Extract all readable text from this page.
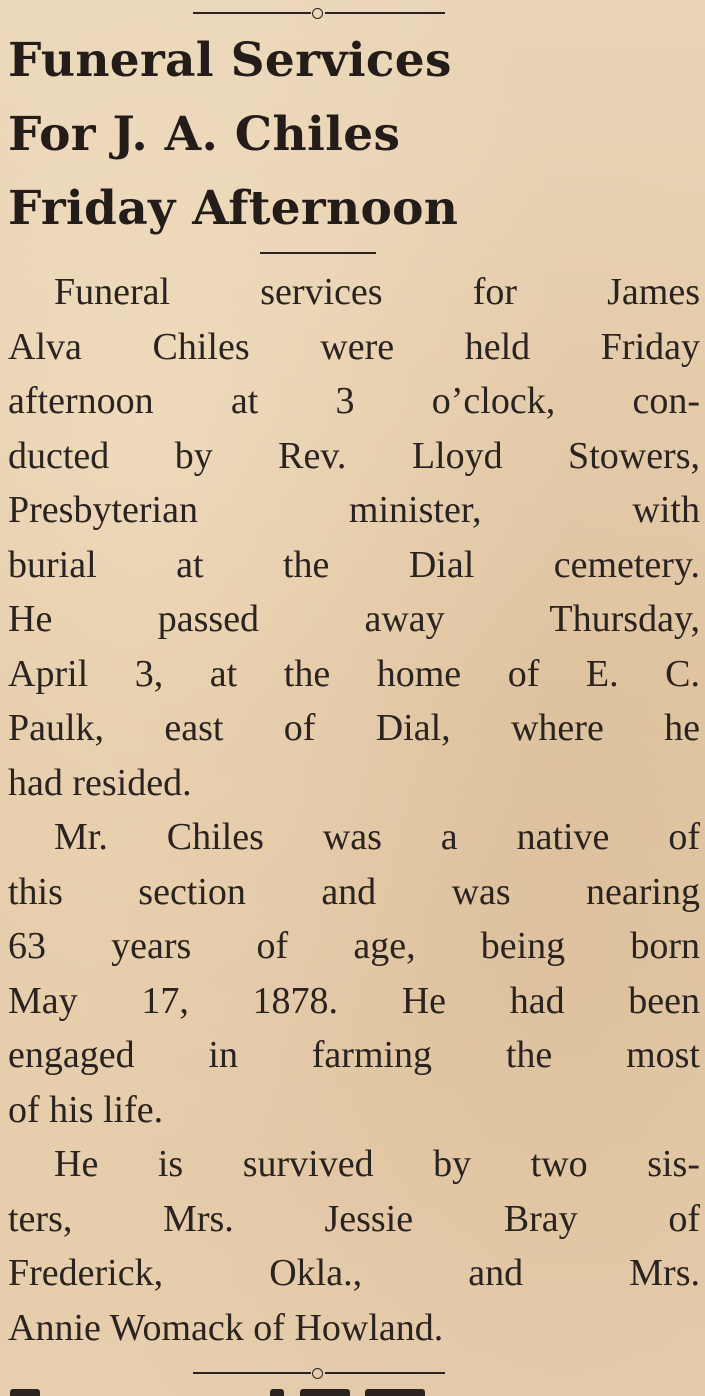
Funeral Services
For J. A. Chiles
Friday Afternoon
Funeral services for James
Alva Chiles were held Friday
afternoon at 3 o’clock, con-
ducted by Rev. Lloyd Stowers,
Presbyterian minister, with
burial at the Dial cemetery.
He passed away Thursday,
April 3, at the home of E. C.
Paulk, east of Dial, where he
had resided.
Mr. Chiles was a native of
this section and was nearing
63 years of age, being born
May 17, 1878. He had been
engaged in farming the most
of his life.
He is survived by two sis-
ters, Mrs. Jessie Bray of
Frederick, Okla., and Mrs.
Annie Womack of Howland.
